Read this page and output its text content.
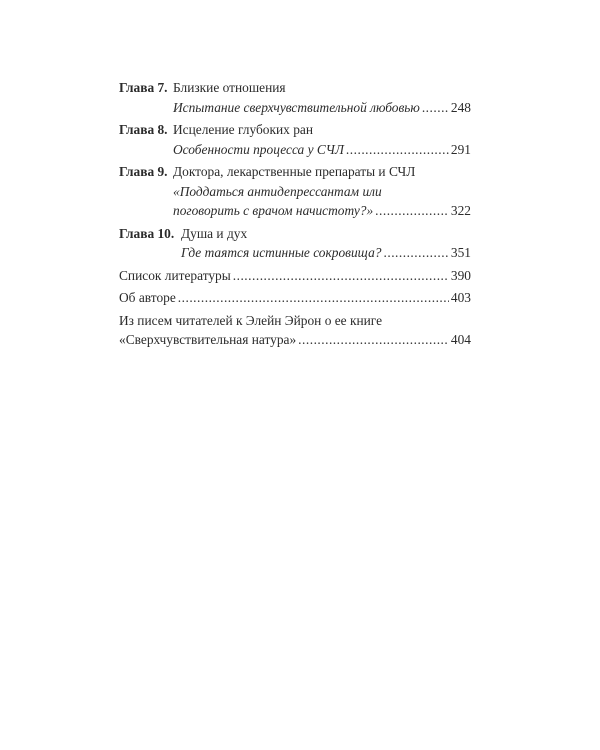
Глава 7. Близкие отношения
Испытание сверхчувствительной любовью ..... 248
Глава 8. Исцеление глубоких ран
Особенности процесса у СЧЛ .....	291
Глава 9. Доктора, лекарственные препараты и СЧЛ
«Поддаться антидепрессантам или
поговорить с врачом начистоту?» .....	322
Глава 10. Душа и дух
Где таятся истинные сокровища? .....	351
Список литературы .....	390
Об авторе .....	403
Из писем читателей к Элейн Эйрон о ее книге
«Сверхчувствительная натура» .....	404
